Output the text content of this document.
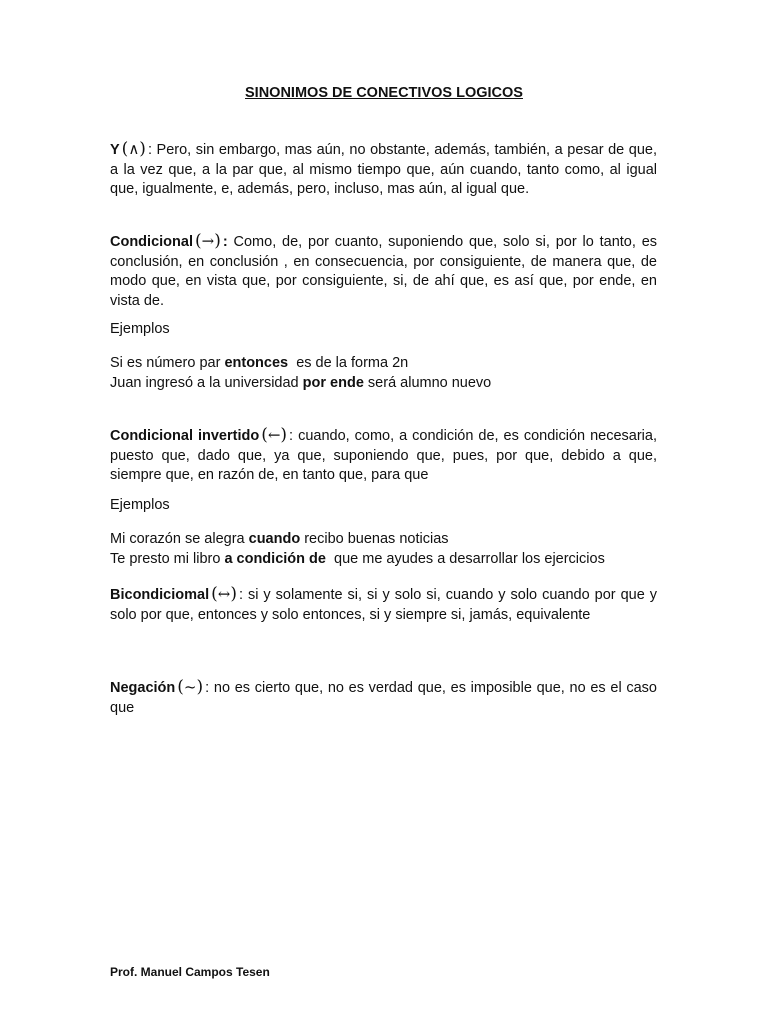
SINONIMOS DE CONECTIVOS LOGICOS
Y (∧) : Pero, sin embargo, mas aún, no obstante, además, también, a pesar de que, a la vez que, a la par que, al mismo tiempo que, aún cuando, tanto como, al igual que, igualmente, e, además, pero, incluso, mas aún, al igual que.
Condicional (→) : Como, de, por cuanto, suponiendo que, solo si, por lo tanto, es conclusión, en conclusión , en consecuencia, por consiguiente, de manera que, de modo que, en vista que, por consiguiente, si, de ahí que, es así que, por ende, en vista de.
Ejemplos
Si es número par entonces es de la forma 2n
Juan ingresó a la universidad por ende será alumno nuevo
Condicional invertido (←) : cuando, como, a condición de, es condición necesaria, puesto que, dado que, ya que, suponiendo que, pues, por que, debido a que, siempre que, en razón de, en tanto que, para que
Ejemplos
Mi corazón se alegra cuando recibo buenas noticias
Te presto mi libro a condición de que me ayudes a desarrollar los ejercicios
Bicondiciomal (↔) : si y solamente si, si y solo si, cuando y solo cuando por que y solo por que, entonces y solo entonces, si y siempre si, jamás, equivalente
Negación (~) : no es cierto que, no es verdad que, es imposible que, no es el caso que
Prof. Manuel Campos Tesen
